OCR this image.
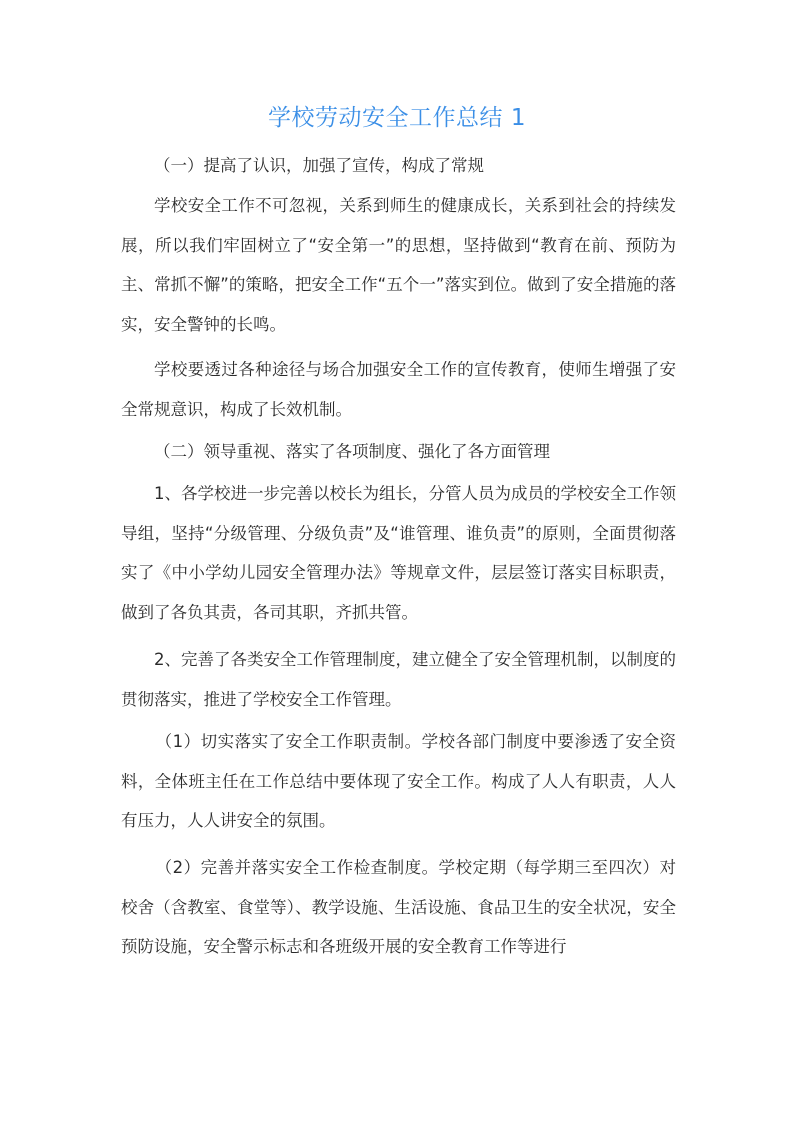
学校劳动安全工作总结 1

（一）提高了认识，加强了宣传，构成了常规

学校安全工作不可忽视，关系到师生的健康成长，关系到社会的持续发展，所以我们牢固树立了“安全第一”的思想，坚持做到“教育在前、预防为主、常抓不懈”的策略，把安全工作“五个一”落实到位。做到了安全措施的落实，安全警钟的长鸣。

学校要透过各种途径与场合加强安全工作的宣传教育，使师生增强了安全常规意识，构成了长效机制。

（二）领导重视、落实了各项制度、强化了各方面管理

1、各学校进一步完善以校长为组长，分管人员为成员的学校安全工作领导组，坚持“分级管理、分级负责”及“谁管理、谁负责”的原则，全面贯彻落实了《中小学幼儿园安全管理办法》等规章文件，层层签订落实目标职责，做到了各负其责，各司其职，齐抓共管。

2、完善了各类安全工作管理制度，建立健全了安全管理机制，以制度的贯彻落实，推进了学校安全工作管理。

（1）切实落实了安全工作职责制。学校各部门制度中要渗透了安全资料，全体班主任在工作总结中要体现了安全工作。构成了人人有职责，人人有压力，人人讲安全的氛围。

（2）完善并落实安全工作检查制度。学校定期（每学期三至四次）对校舍（含教室、食堂等）、教学设施、生活设施、食品卫生的安全状况，安全预防设施，安全警示标志和各班级开展的安全教育工作等进行
